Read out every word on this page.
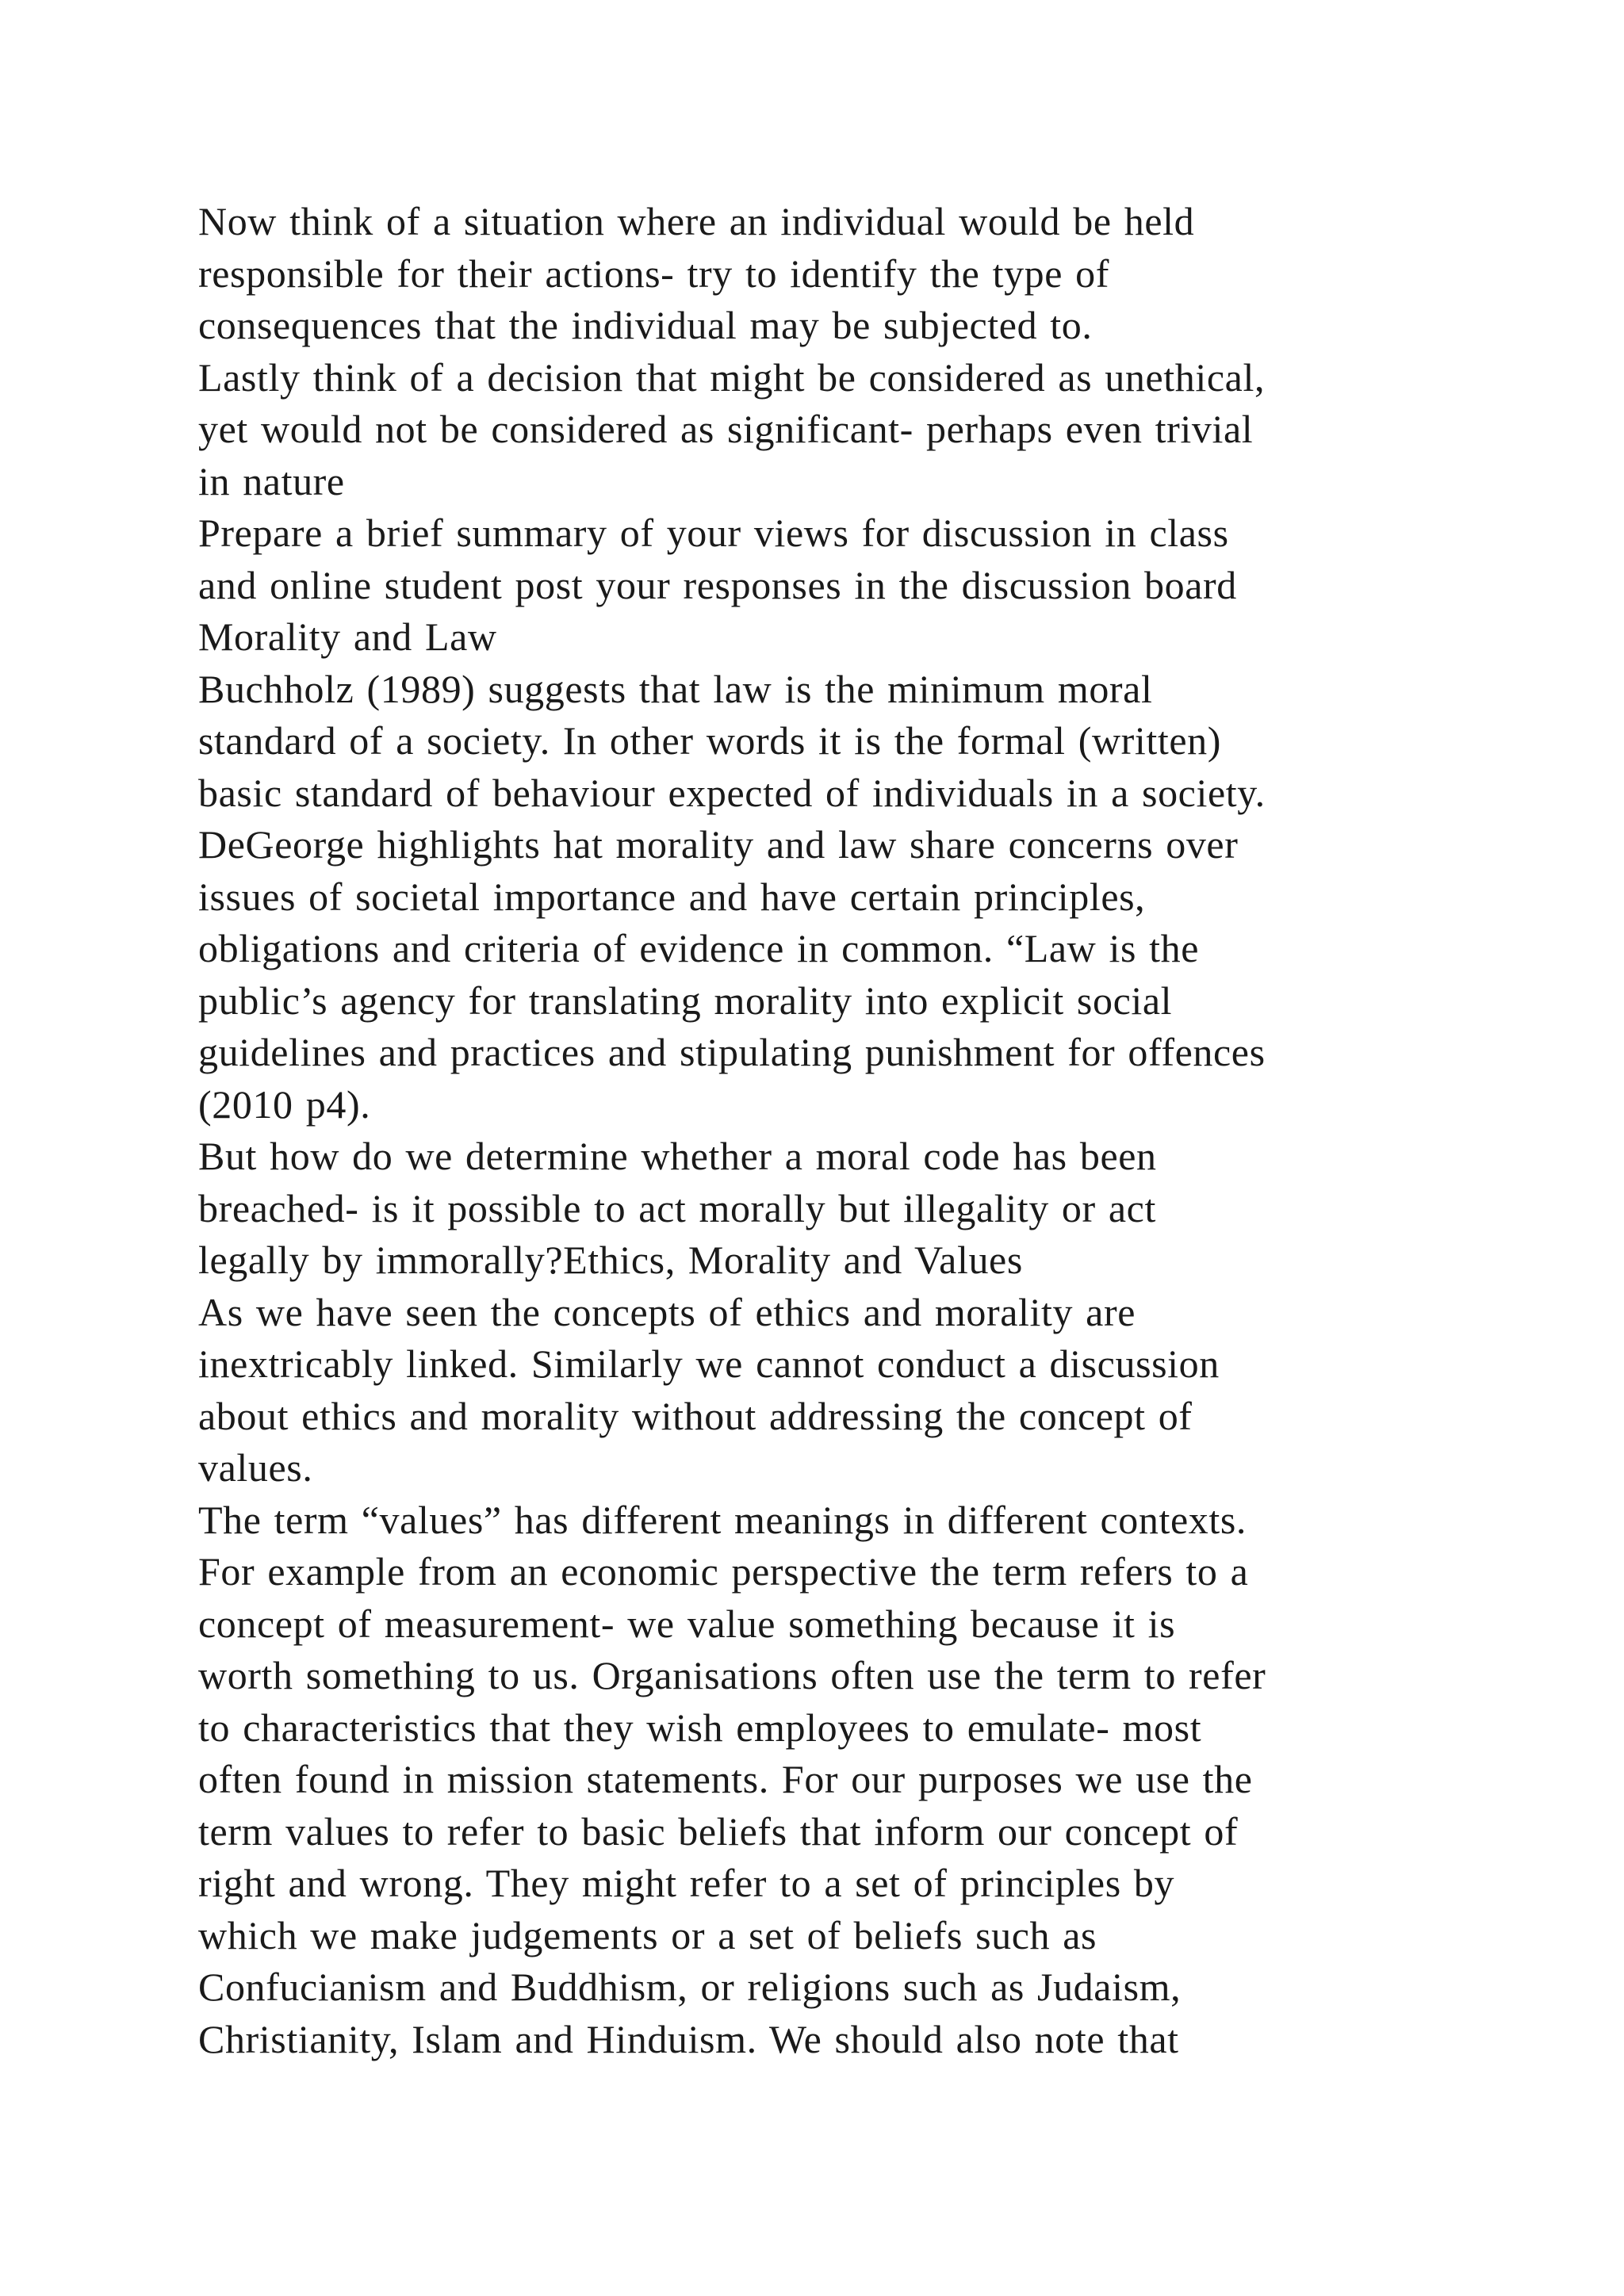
Now think of a situation where an individual would be held
responsible for their actions- try to identify the type of
consequences that the individual may be subjected to.
Lastly think of a decision that might be considered as unethical,
yet would not be considered as significant- perhaps even trivial
in nature
Prepare a brief summary of your views for discussion in class
and online student post your responses in the discussion board
Morality and Law
Buchholz (1989) suggests that law is the minimum moral
standard of a society. In other words it is the formal (written)
basic standard of behaviour expected of individuals in a society.
DeGeorge highlights hat morality and law share concerns over
issues of societal importance and have certain principles,
obligations and criteria of evidence in common. “Law is the
public’s agency for translating morality into explicit social
guidelines and practices and stipulating punishment for offences
(2010 p4).
But how do we determine whether a moral code has been
breached- is it possible to act morally but illegality or act
legally by immorally?Ethics, Morality and Values
As we have seen the concepts of ethics and morality are
inextricably linked. Similarly we cannot conduct a discussion
about ethics and morality without addressing the concept of
values.
The term “values” has different meanings in different contexts.
For example from an economic perspective the term refers to a
concept of measurement- we value something because it is
worth something to us. Organisations often use the term to refer
to characteristics that they wish employees to emulate- most
often found in mission statements. For our purposes we use the
term values to refer to basic beliefs that inform our concept of
right and wrong. They might refer to a set of principles by
which we make judgements or a set of beliefs such as
Confucianism and Buddhism, or religions such as Judaism,
Christianity, Islam and Hinduism. We should also note that
